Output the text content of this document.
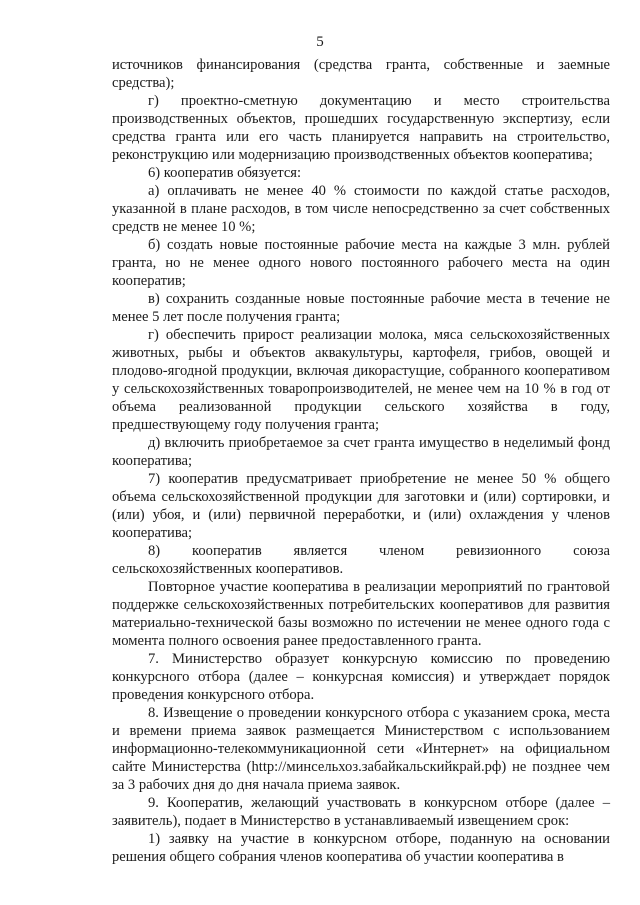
5

источников финансирования (средства гранта, собственные и заемные средства);

г) проектно-сметную документацию и место строительства производственных объектов, прошедших государственную экспертизу, если средства гранта или его часть планируется направить на строительство, реконструкцию или модернизацию производственных объектов кооператива;

6) кооператив обязуется:

а) оплачивать не менее 40 % стоимости по каждой статье расходов, указанной в плане расходов, в том числе непосредственно за счет собственных средств не менее 10 %;

б) создать новые постоянные рабочие места на каждые 3 млн. рублей гранта, но не менее одного нового постоянного рабочего места на один кооператив;

в) сохранить созданные новые постоянные рабочие места в течение не менее 5 лет после получения гранта;

г) обеспечить прирост реализации молока, мяса сельскохозяйственных животных, рыбы и объектов аквакультуры, картофеля, грибов, овощей и плодово-ягодной продукции, включая дикорастущие, собранного кооперативом у сельскохозяйственных товаропроизводителей, не менее чем на 10 % в год от объема реализованной продукции сельского хозяйства в году, предшествующему году получения гранта;

д) включить приобретаемое за счет гранта имущество в неделимый фонд кооператива;

7) кооператив предусматривает приобретение не менее 50 % общего объема сельскохозяйственной продукции для заготовки и (или) сортировки, и (или) убоя, и (или) первичной переработки, и (или) охлаждения у членов кооператива;

8) кооператив является членом ревизионного союза сельскохозяйственных кооперативов.

Повторное участие кооператива в реализации мероприятий по грантовой поддержке сельскохозяйственных потребительских кооперативов для развития материально-технической базы возможно по истечении не менее одного года с момента полного освоения ранее предоставленного гранта.

7. Министерство образует конкурсную комиссию по проведению конкурсного отбора (далее – конкурсная комиссия) и утверждает порядок проведения конкурсного отбора.

8. Извещение о проведении конкурсного отбора с указанием срока, места и времени приема заявок размещается Министерством с использованием информационно-телекоммуникационной сети «Интернет» на официальном сайте Министерства (http://минсельхоз.забайкальскийкрай.рф) не позднее чем за 3 рабочих дня до дня начала приема заявок.

9. Кооператив, желающий участвовать в конкурсном отборе (далее – заявитель), подает в Министерство в устанавливаемый извещением срок:

1) заявку на участие в конкурсном отборе, поданную на основании решения общего собрания членов кооператива об участии кооператива в
